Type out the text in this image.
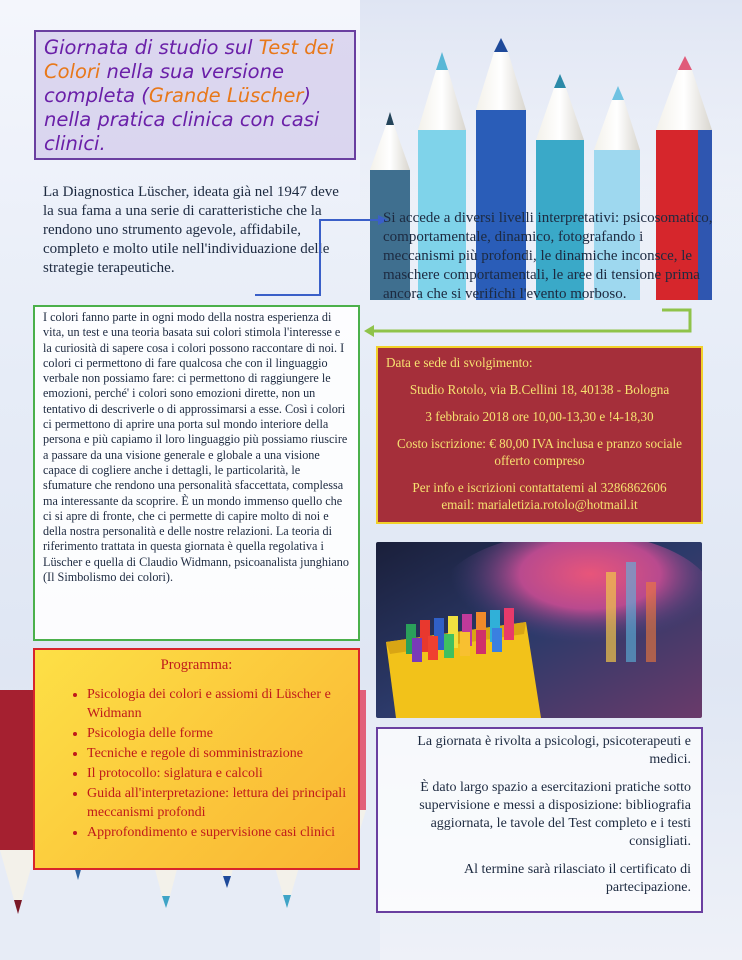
Giornata di studio sul Test dei Colori nella sua versione completa (Grande Lüscher) nella pratica clinica con casi clinici.
La Diagnostica Lüscher, ideata già nel 1947 deve la sua fama a una serie di caratteristiche che la rendono uno strumento agevole, affidabile, completo e molto utile nell'individuazione delle strategie terapeutiche.
Si accede a diversi livelli interpretativi: psicosomatico, comportamentale, dinamico, fotografando i meccanismi più profondi, le dinamiche inconsce, le maschere comportamentali, le aree di tensione prima ancora che si verifichi l'evento morboso.
I colori fanno parte in ogni modo della nostra esperienza di vita, un test e una teoria basata sui colori stimola l'interesse e la curiosità di sapere cosa i colori possono raccontare di noi. I colori ci permettono di fare qualcosa che con il linguaggio verbale non possiamo fare: ci permettono di raggiungere le emozioni, perché' i colori sono emozioni dirette, non un tentativo di descriverle o di approssimarsi a esse. Così i colori ci permettono di aprire una porta sul mondo interiore della persona e più capiamo il loro linguaggio più possiamo riuscire a passare da una visione generale e globale a una visione capace di cogliere anche i dettagli, le particolarità, le sfumature che rendono una personalità sfaccettata, complessa ma interessante da scoprire. È un mondo immenso quello che ci si apre di fronte, che ci permette di capire molto di noi e della nostra personalità e delle nostre relazioni. La teoria di riferimento trattata in questa giornata è quella regolativa i Lüscher e quella di Claudio Widmann, psicoanalista junghiano (Il Simbolismo dei colori).
Data e sede di svolgimento:
Studio Rotolo, via B.Cellini 18, 40138 - Bologna
3 febbraio 2018 ore 10,00-13,30 e !4-18,30
Costo iscrizione: € 80,00 IVA inclusa e pranzo sociale offerto compreso
Per info e iscrizioni contattatemi al 3286862606
email: marialetizia.rotolo@hotmail.it
Programma:
• Psicologia dei colori e assiomi di Lüscher e Widmann
• Psicologia delle forme
• Tecniche e regole di somministrazione
• Il protocollo: siglatura e calcoli
• Guida all'interpretazione: lettura dei principali meccanismi profondi
• Approfondimento e supervisione casi clinici

La giornata è rivolta a psicologi, psicoterapeuti e medici.

È dato largo spazio a esercitazioni pratiche sotto supervisione e messi a disposizione: bibliografia aggiornata, le tavole del Test completo e i testi consigliati.

Al termine sarà rilasciato il certificato di partecipazione.
